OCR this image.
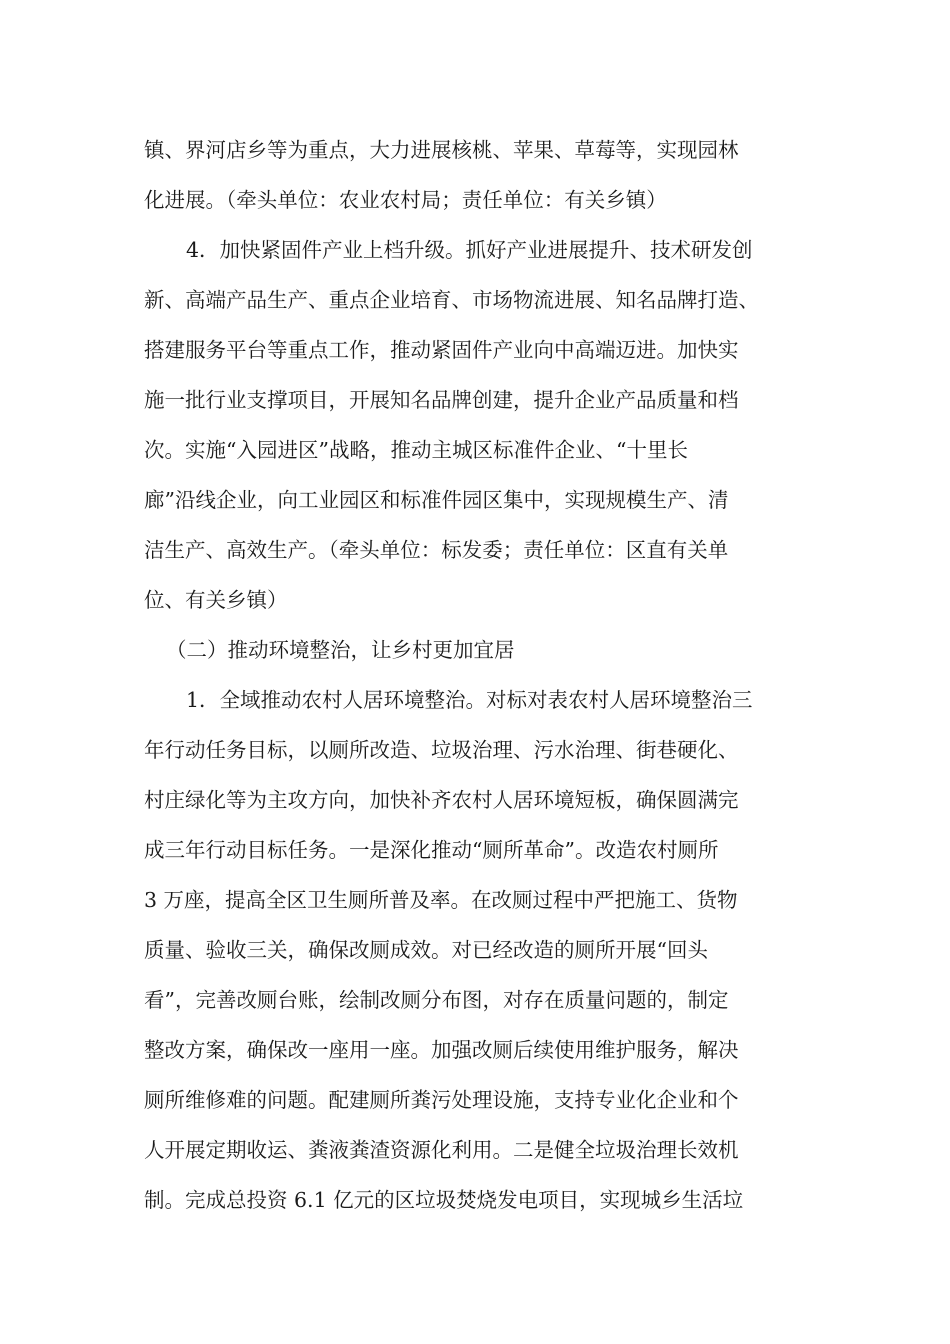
镇、界河店乡等为重点，大力进展核桃、苹果、草莓等，实现园林
化进展。（牵头单位：农业农村局；责任单位：有关乡镇）
4．加快紧固件产业上档升级。抓好产业进展提升、技术研发创
新、高端产品生产、重点企业培育、市场物流进展、知名品牌打造、
搭建服务平台等重点工作，推动紧固件产业向中高端迈进。加快实
施一批行业支撑项目，开展知名品牌创建，提升企业产品质量和档
次。实施“入园进区”战略，推动主城区标准件企业、“十里长
廊”沿线企业，向工业园区和标准件园区集中，实现规模生产、清
洁生产、高效生产。（牵头单位：标发委；责任单位：区直有关单
位、有关乡镇）
（二）推动环境整治，让乡村更加宜居
1．全域推动农村人居环境整治。对标对表农村人居环境整治三
年行动任务目标，以厕所改造、垃圾治理、污水治理、街巷硬化、
村庄绿化等为主攻方向，加快补齐农村人居环境短板，确保圆满完
成三年行动目标任务。一是深化推动“厕所革命”。改造农村厕所
3 万座，提高全区卫生厕所普及率。在改厕过程中严把施工、货物
质量、验收三关，确保改厕成效。对已经改造的厕所开展“回头
看”，完善改厕台账，绘制改厕分布图，对存在质量问题的，制定
整改方案，确保改一座用一座。加强改厕后续使用维护服务，解决
厕所维修难的问题。配建厕所粪污处理设施，支持专业化企业和个
人开展定期收运、粪液粪渣资源化利用。二是健全垃圾治理长效机
制。完成总投资 6.1 亿元的区垃圾焚烧发电项目，实现城乡生活垃
